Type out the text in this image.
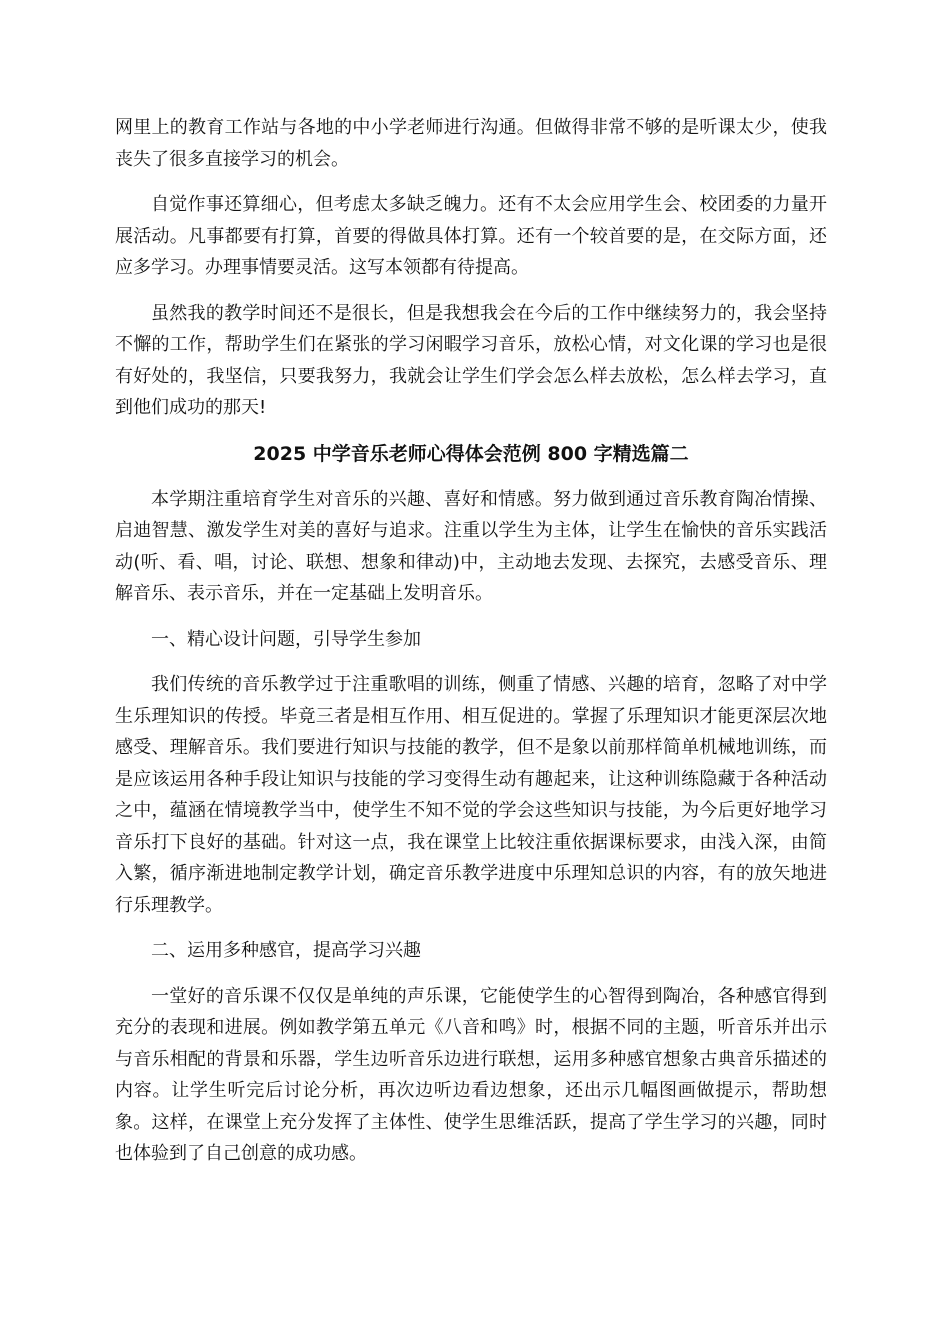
网里上的教育工作站与各地的中小学老师进行沟通。但做得非常不够的是听课太少，使我丧失了很多直接学习的机会。

自觉作事还算细心，但考虑太多缺乏魄力。还有不太会应用学生会、校团委的力量开展活动。凡事都要有打算，首要的得做具体打算。还有一个较首要的是，在交际方面，还应多学习。办理事情要灵活。这写本领都有待提高。

虽然我的教学时间还不是很长，但是我想我会在今后的工作中继续努力的，我会坚持不懈的工作，帮助学生们在紧张的学习闲暇学习音乐，放松心情，对文化课的学习也是很有好处的，我坚信，只要我努力，我就会让学生们学会怎么样去放松，怎么样去学习，直到他们成功的那天!

2025 中学音乐老师心得体会范例 800 字精选篇二

本学期注重培育学生对音乐的兴趣、喜好和情感。努力做到通过音乐教育陶冶情操、启迪智慧、激发学生对美的喜好与追求。注重以学生为主体，让学生在愉快的音乐实践活动(听、看、唱，讨论、联想、想象和律动)中，主动地去发现、去探究，去感受音乐、理解音乐、表示音乐，并在一定基础上发明音乐。

一、精心设计问题，引导学生参加

我们传统的音乐教学过于注重歌唱的训练，侧重了情感、兴趣的培育，忽略了对中学生乐理知识的传授。毕竟三者是相互作用、相互促进的。掌握了乐理知识才能更深层次地感受、理解音乐。我们要进行知识与技能的教学，但不是象以前那样简单机械地训练，而是应该运用各种手段让知识与技能的学习变得生动有趣起来，让这种训练隐藏于各种活动之中，蕴涵在情境教学当中，使学生不知不觉的学会这些知识与技能，为今后更好地学习音乐打下良好的基础。针对这一点，我在课堂上比较注重依据课标要求，由浅入深，由简入繁，循序渐进地制定教学计划，确定音乐教学进度中乐理知总识的内容，有的放矢地进行乐理教学。

二、运用多种感官，提高学习兴趣

一堂好的音乐课不仅仅是单纯的声乐课，它能使学生的心智得到陶冶，各种感官得到充分的表现和进展。例如教学第五单元《八音和鸣》时，根据不同的主题，听音乐并出示与音乐相配的背景和乐器，学生边听音乐边进行联想，运用多种感官想象古典音乐描述的内容。让学生听完后讨论分析，再次边听边看边想象，还出示几幅图画做提示，帮助想象。这样，在课堂上充分发挥了主体性、使学生思维活跃，提高了学生学习的兴趣，同时也体验到了自己创意的成功感。
